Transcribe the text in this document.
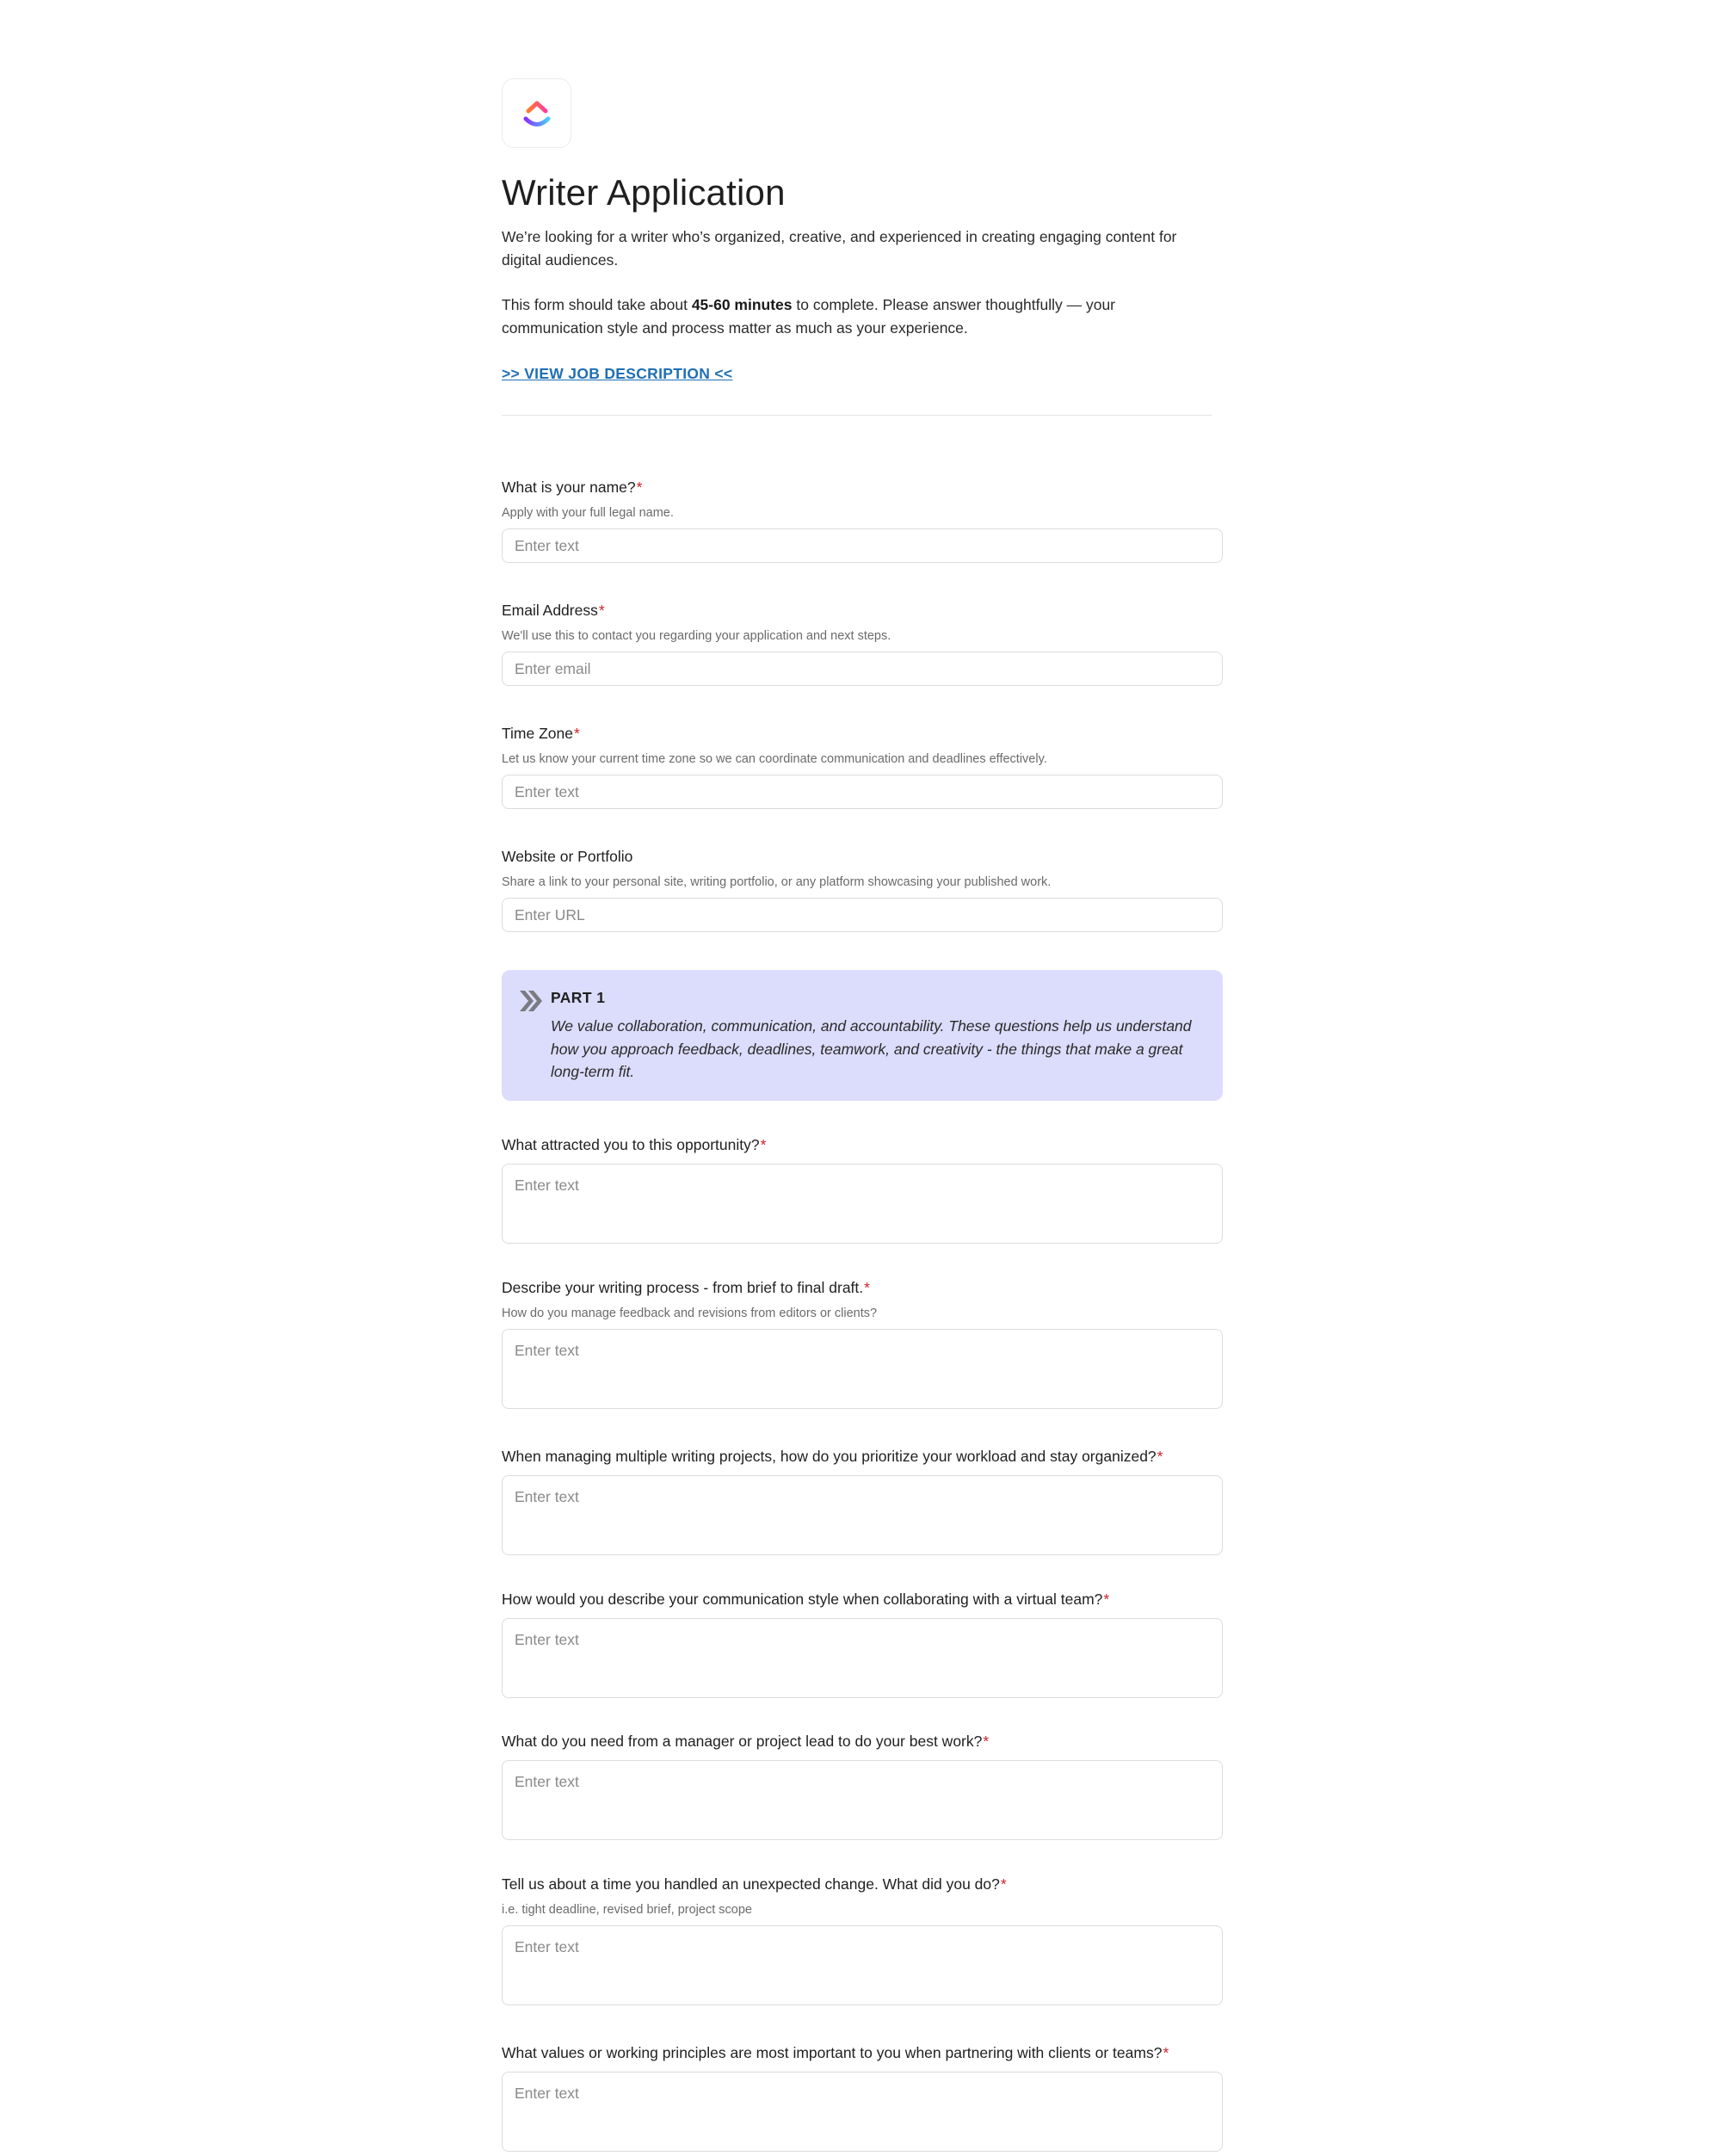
Writer Application

We’re looking for a writer who’s organized, creative, and experienced in creating engaging content for digital audiences.

This form should take about 45-60 minutes to complete. Please answer thoughtfully — your communication style and process matter as much as your experience.

>> VIEW JOB DESCRIPTION <<
What is your name?*
Apply with your full legal name.
Enter text
Email Address*
We'll use this to contact you regarding your application and next steps.
Enter email
Time Zone*
Let us know your current time zone so we can coordinate communication and deadlines effectively.
Enter text
Website or Portfolio
Share a link to your personal site, writing portfolio, or any platform showcasing your published work.
Enter URL
PART 1
We value collaboration, communication, and accountability. These questions help us understand how you approach feedback, deadlines, teamwork, and creativity - the things that make a great long-term fit.
What attracted you to this opportunity?*
Enter text
Describe your writing process - from brief to final draft.*
How do you manage feedback and revisions from editors or clients?
Enter text
When managing multiple writing projects, how do you prioritize your workload and stay organized?*
Enter text
How would you describe your communication style when collaborating with a virtual team?*
Enter text
What do you need from a manager or project lead to do your best work?*
Enter text
Tell us about a time you handled an unexpected change. What did you do?*
i.e. tight deadline, revised brief, project scope
Enter text
What values or working principles are most important to you when partnering with clients or teams?*
Enter text
